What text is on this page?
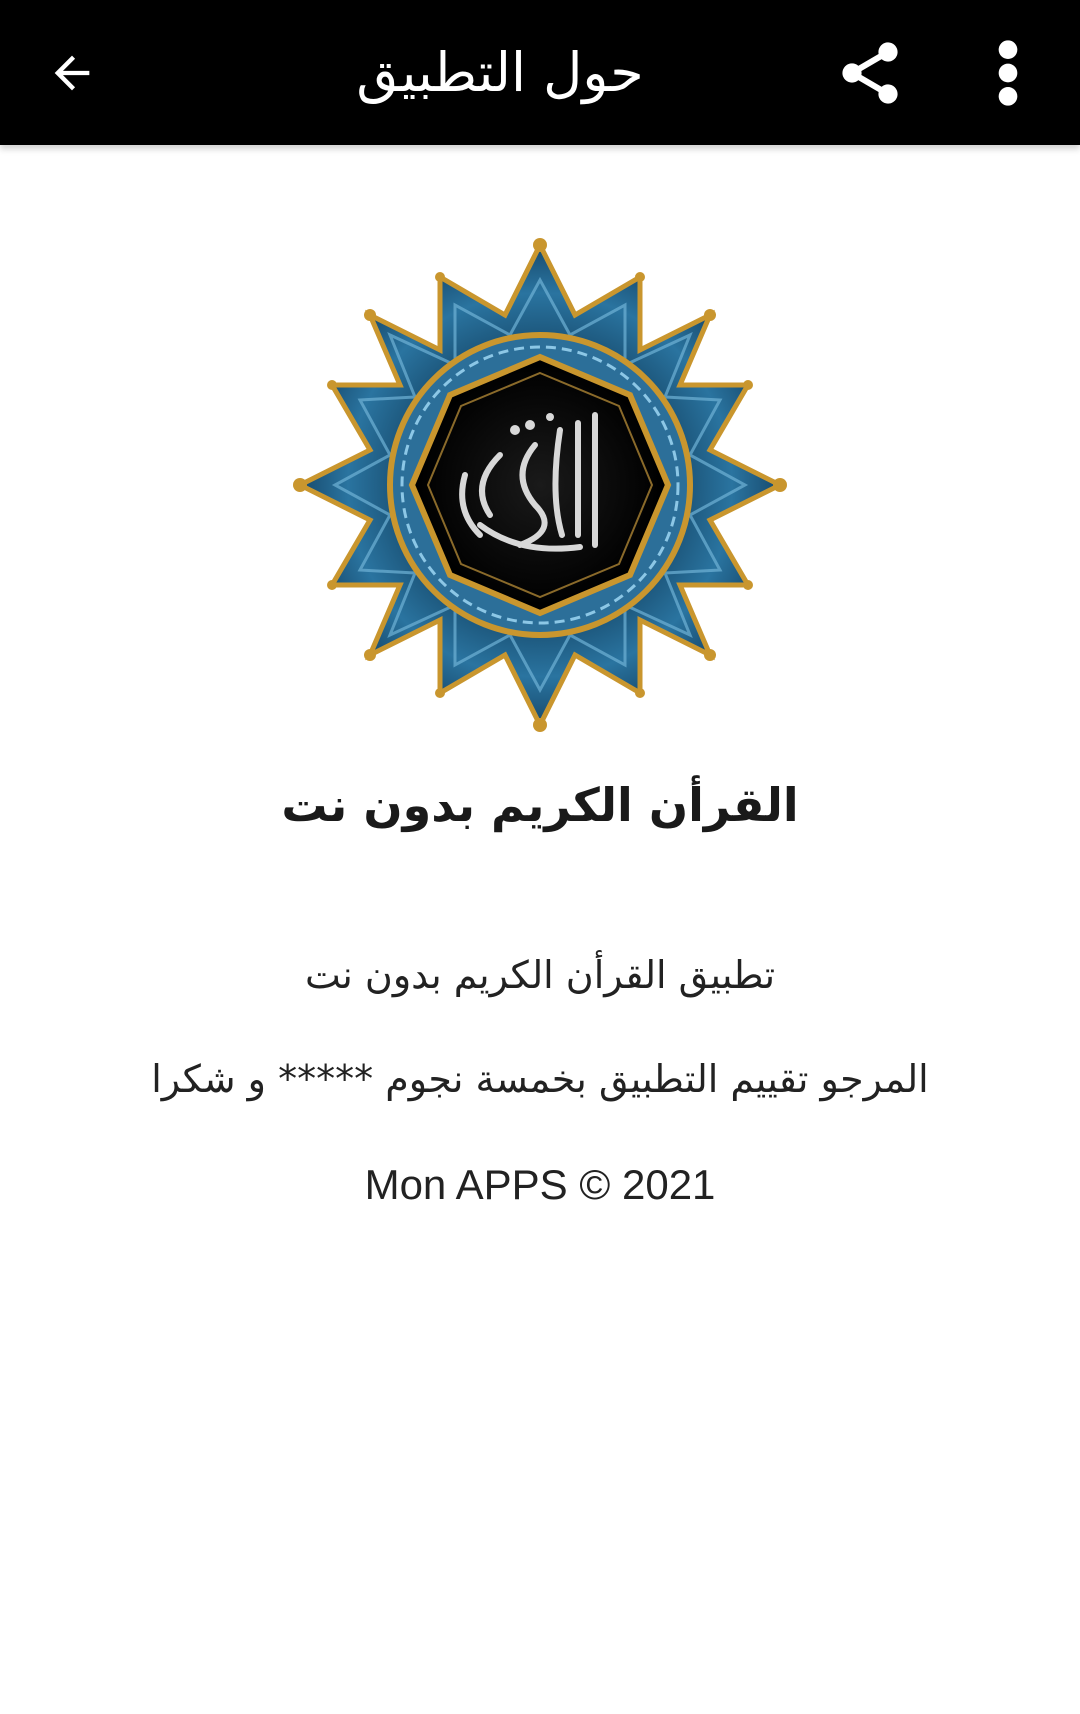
حول التطبيق
القرأن الكريم بدون نت
تطبيق القرأن الكريم بدون نت
المرجو تقييم التطبيق بخمسة نجوم ***** و شكرا
Mon APPS © 2021
